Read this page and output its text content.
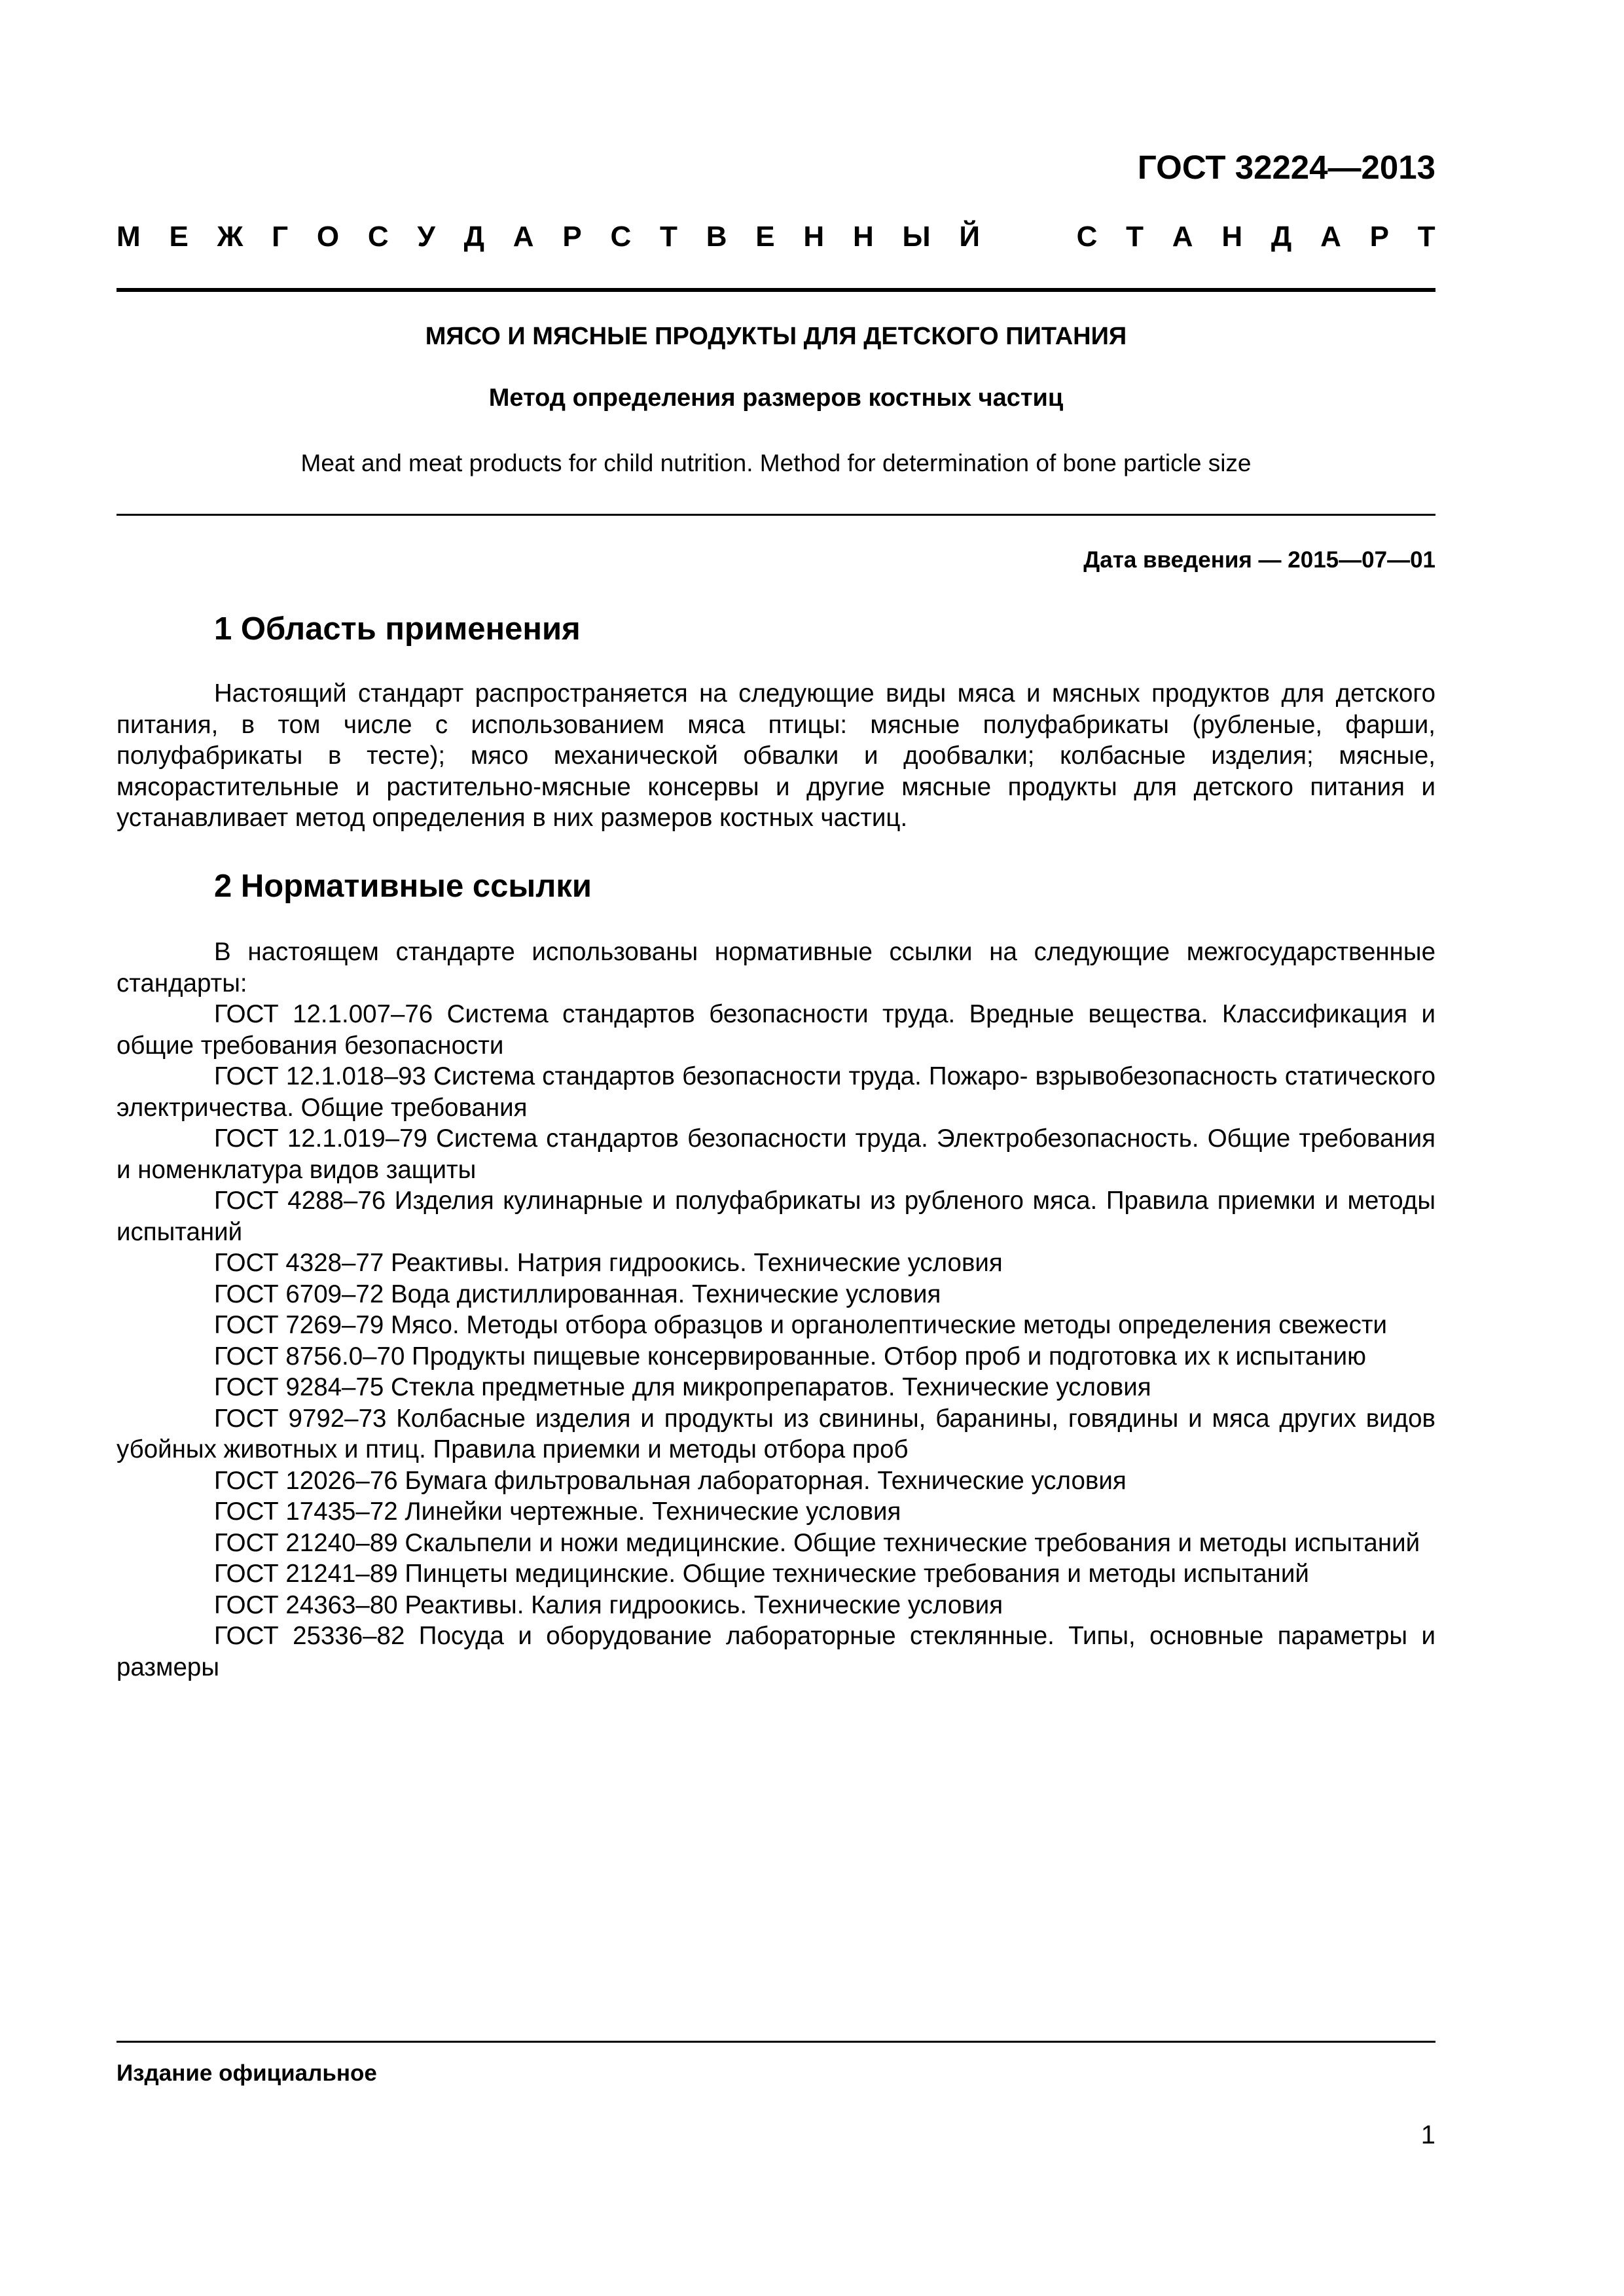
ГОСТ 32224—2013
М Е Ж Г О С У Д А Р С Т В Е Н Н Ы Й	С Т А Н Д А Р Т
МЯСО И МЯСНЫЕ ПРОДУКТЫ ДЛЯ ДЕТСКОГО ПИТАНИЯ
Метод определения размеров костных частиц
Meat and meat products for child nutrition. Method for determination of bone particle size
Дата введения — 2015—07—01
1 Область применения

Настоящий стандарт распространяется на следующие виды мяса и мясных продуктов для детского питания, в том числе с использованием мяса птицы: мясные полуфабрикаты (рубленые, фарши, полуфабрикаты в тесте); мясо механической обвалки и дообвалки; колбасные изделия; мясные, мясорастительные и растительно-мясные консервы и другие мясные продукты для детского питания и устанавливает метод определения в них размеров костных частиц.

2 Нормативные ссылки

В настоящем стандарте использованы нормативные ссылки на следующие межгосударственные стандарты:

ГОСТ 12.1.007–76 Система стандартов безопасности труда. Вредные вещества. Классификация и общие требования безопасности

ГОСТ 12.1.018–93 Система стандартов безопасности труда. Пожаро- взрывобезопасность статического электричества. Общие требования

ГОСТ 12.1.019–79 Система стандартов безопасности труда. Электробезопасность. Общие требования и номенклатура видов защиты

ГОСТ 4288–76 Изделия кулинарные и полуфабрикаты из рубленого мяса. Правила приемки и методы испытаний

ГОСТ 4328–77 Реактивы. Натрия гидроокись. Технические условия

ГОСТ 6709–72 Вода дистиллированная. Технические условия

ГОСТ 7269–79 Мясо. Методы отбора образцов и органолептические методы определения свежести

ГОСТ 8756.0–70 Продукты пищевые консервированные. Отбор проб и подготовка их к испытанию

ГОСТ 9284–75 Стекла предметные для микропрепаратов. Технические условия

ГОСТ 9792–73 Колбасные изделия и продукты из свинины, баранины, говядины и мяса других видов убойных животных и птиц. Правила приемки и методы отбора проб

ГОСТ 12026–76 Бумага фильтровальная лабораторная. Технические условия

ГОСТ 17435–72 Линейки чертежные. Технические условия

ГОСТ 21240–89 Скальпели и ножи медицинские. Общие технические требования и методы испытаний

ГОСТ 21241–89 Пинцеты медицинские. Общие технические требования и методы испытаний

ГОСТ 24363–80 Реактивы. Калия гидроокись. Технические условия

ГОСТ 25336–82 Посуда и оборудование лабораторные стеклянные. Типы, основные параметры и размеры

Издание официальное
1
